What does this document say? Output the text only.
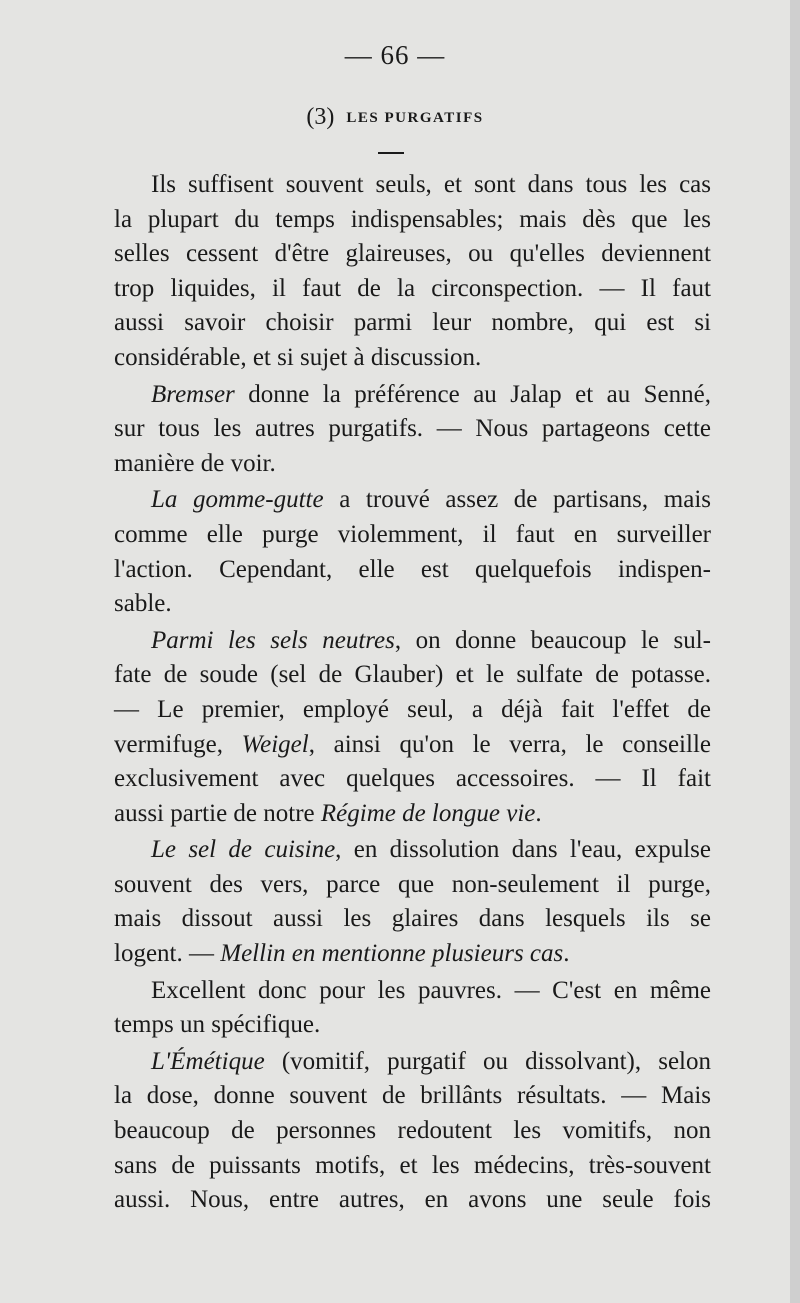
— 66 —
(3) LES PURGATIFS

Ils suffisent souvent seuls, et sont dans tous les cas
la plupart du temps indispensables; mais dès que les
selles cessent d'être glaireuses, ou qu'elles deviennent
trop liquides, il faut de la circonspection. — Il faut
aussi savoir choisir parmi leur nombre, qui est si
considérable, et si sujet à discussion.

Bremser donne la préférence au Jalap et au Senné,
sur tous les autres purgatifs. — Nous partageons cette
manière de voir.

La gomme-gutte a trouvé assez de partisans, mais
comme elle purge violemment, il faut en surveiller
l'action. Cependant, elle est quelquefois indispen-
sable.

Parmi les sels neutres, on donne beaucoup le sul-
fate de soude (sel de Glauber) et le sulfate de potasse.
— Le premier, employé seul, a déjà fait l'effet de
vermifuge, Weigel, ainsi qu'on le verra, le conseille
exclusivement avec quelques accessoires. — Il fait
aussi partie de notre Régime de longue vie.

Le sel de cuisine, en dissolution dans l'eau, expulse
souvent des vers, parce que non-seulement il purge,
mais dissout aussi les glaires dans lesquels ils se
logent. — Mellin en mentionne plusieurs cas.

Excellent donc pour les pauvres. — C'est en même
temps un spécifique.

L'Émétique (vomitif, purgatif ou dissolvant), selon
la dose, donne souvent de brillânts résultats. — Mais
beaucoup de personnes redoutent les vomitifs, non
sans de puissants motifs, et les médecins, très-souvent
aussi. Nous, entre autres, en avons une seule fois
